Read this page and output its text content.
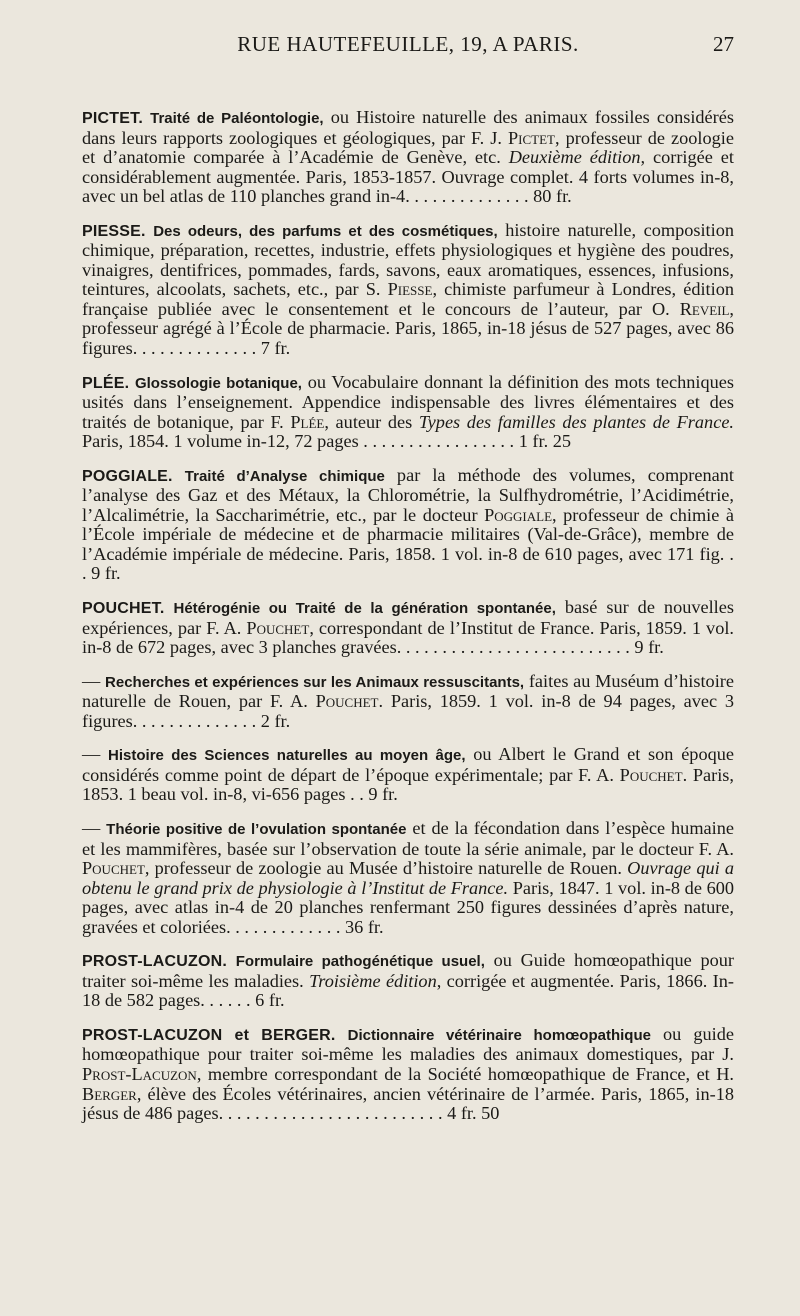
RUE HAUTEFEUILLE, 19, A PARIS.	27

PICTET. Traité de Paléontologie, ou Histoire naturelle des animaux fossiles considérés dans leurs rapports zoologiques et géologiques, par F. J. Pictet, professeur de zoologie et d’anatomie comparée à l’Académie de Genève, etc. Deuxième édition, corrigée et considérablement augmentée. Paris, 1853-1857. Ouvrage complet. 4 forts volumes in-8, avec un bel atlas de 110 planches grand in-4. . . . . . . . . . . . . . 80 fr.

PIESSE. Des odeurs, des parfums et des cosmétiques, histoire naturelle, composition chimique, préparation, recettes, industrie, effets physiologiques et hygiène des poudres, vinaigres, dentifrices, pommades, fards, savons, eaux aromatiques, essences, infusions, teintures, alcoolats, sachets, etc., par S. Piesse, chimiste parfumeur à Londres, édition française publiée avec le consentement et le concours de l’auteur, par O. Reveil, professeur agrégé à l’École de pharmacie. Paris, 1865, in-18 jésus de 527 pages, avec 86 figures. . . . . . . . . . . . . . 7 fr.

PLÉE. Glossologie botanique, ou Vocabulaire donnant la définition des mots techniques usités dans l’enseignement. Appendice indispensable des livres élémentaires et des traités de botanique, par F. Plée, auteur des Types des familles des plantes de France. Paris, 1854. 1 volume in-12, 72 pages . . . . . . . . . . . . . . . . . 1 fr. 25

POGGIALE. Traité d’Analyse chimique par la méthode des volumes, comprenant l’analyse des Gaz et des Métaux, la Chlorométrie, la Sulfhydrométrie, l’Acidimétrie, l’Alcalimétrie, la Saccharimétrie, etc., par le docteur Poggiale, professeur de chimie à l’École impériale de médecine et de pharmacie militaires (Val-de-Grâce), membre de l’Académie impériale de médecine. Paris, 1858. 1 vol. in-8 de 610 pages, avec 171 fig. . . 9 fr.

POUCHET. Hétérogénie ou Traité de la génération spontanée, basé sur de nouvelles expériences, par F. A. Pouchet, correspondant de l’Institut de France. Paris, 1859. 1 vol. in-8 de 672 pages, avec 3 planches gravées. . . . . . . . . . . . . . . . . . . . . . . . . . 9 fr.

— Recherches et expériences sur les Animaux ressuscitants, faites au Muséum d’histoire naturelle de Rouen, par F. A. Pouchet. Paris, 1859. 1 vol. in-8 de 94 pages, avec 3 figures. . . . . . . . . . . . . . 2 fr.

— Histoire des Sciences naturelles au moyen âge, ou Albert le Grand et son époque considérés comme point de départ de l’époque expérimentale; par F. A. Pouchet. Paris, 1853. 1 beau vol. in-8, vi-656 pages . . 9 fr.

— Théorie positive de l’ovulation spontanée et de la fécondation dans l’espèce humaine et les mammifères, basée sur l’observation de toute la série animale, par le docteur F. A. Pouchet, professeur de zoologie au Musée d’histoire naturelle de Rouen. Ouvrage qui a obtenu le grand prix de physiologie à l’Institut de France. Paris, 1847. 1 vol. in-8 de 600 pages, avec atlas in-4 de 20 planches renfermant 250 figures dessinées d’après nature, gravées et coloriées. . . . . . . . . . . . . 36 fr.

PROST-LACUZON. Formulaire pathogénétique usuel, ou Guide homœopathique pour traiter soi-même les maladies. Troisième édition, corrigée et augmentée. Paris, 1866. In-18 de 582 pages. . . . . . 6 fr.

PROST-LACUZON et BERGER. Dictionnaire vétérinaire homœopathique ou guide homœopathique pour traiter soi-même les maladies des animaux domestiques, par J. Prost-Lacuzon, membre correspondant de la Société homœopathique de France, et H. Berger, élève des Écoles vétérinaires, ancien vétérinaire de l’armée. Paris, 1865, in-18 jésus de 486 pages. . . . . . . . . . . . . . . . . . . . . . . . . 4 fr. 50
